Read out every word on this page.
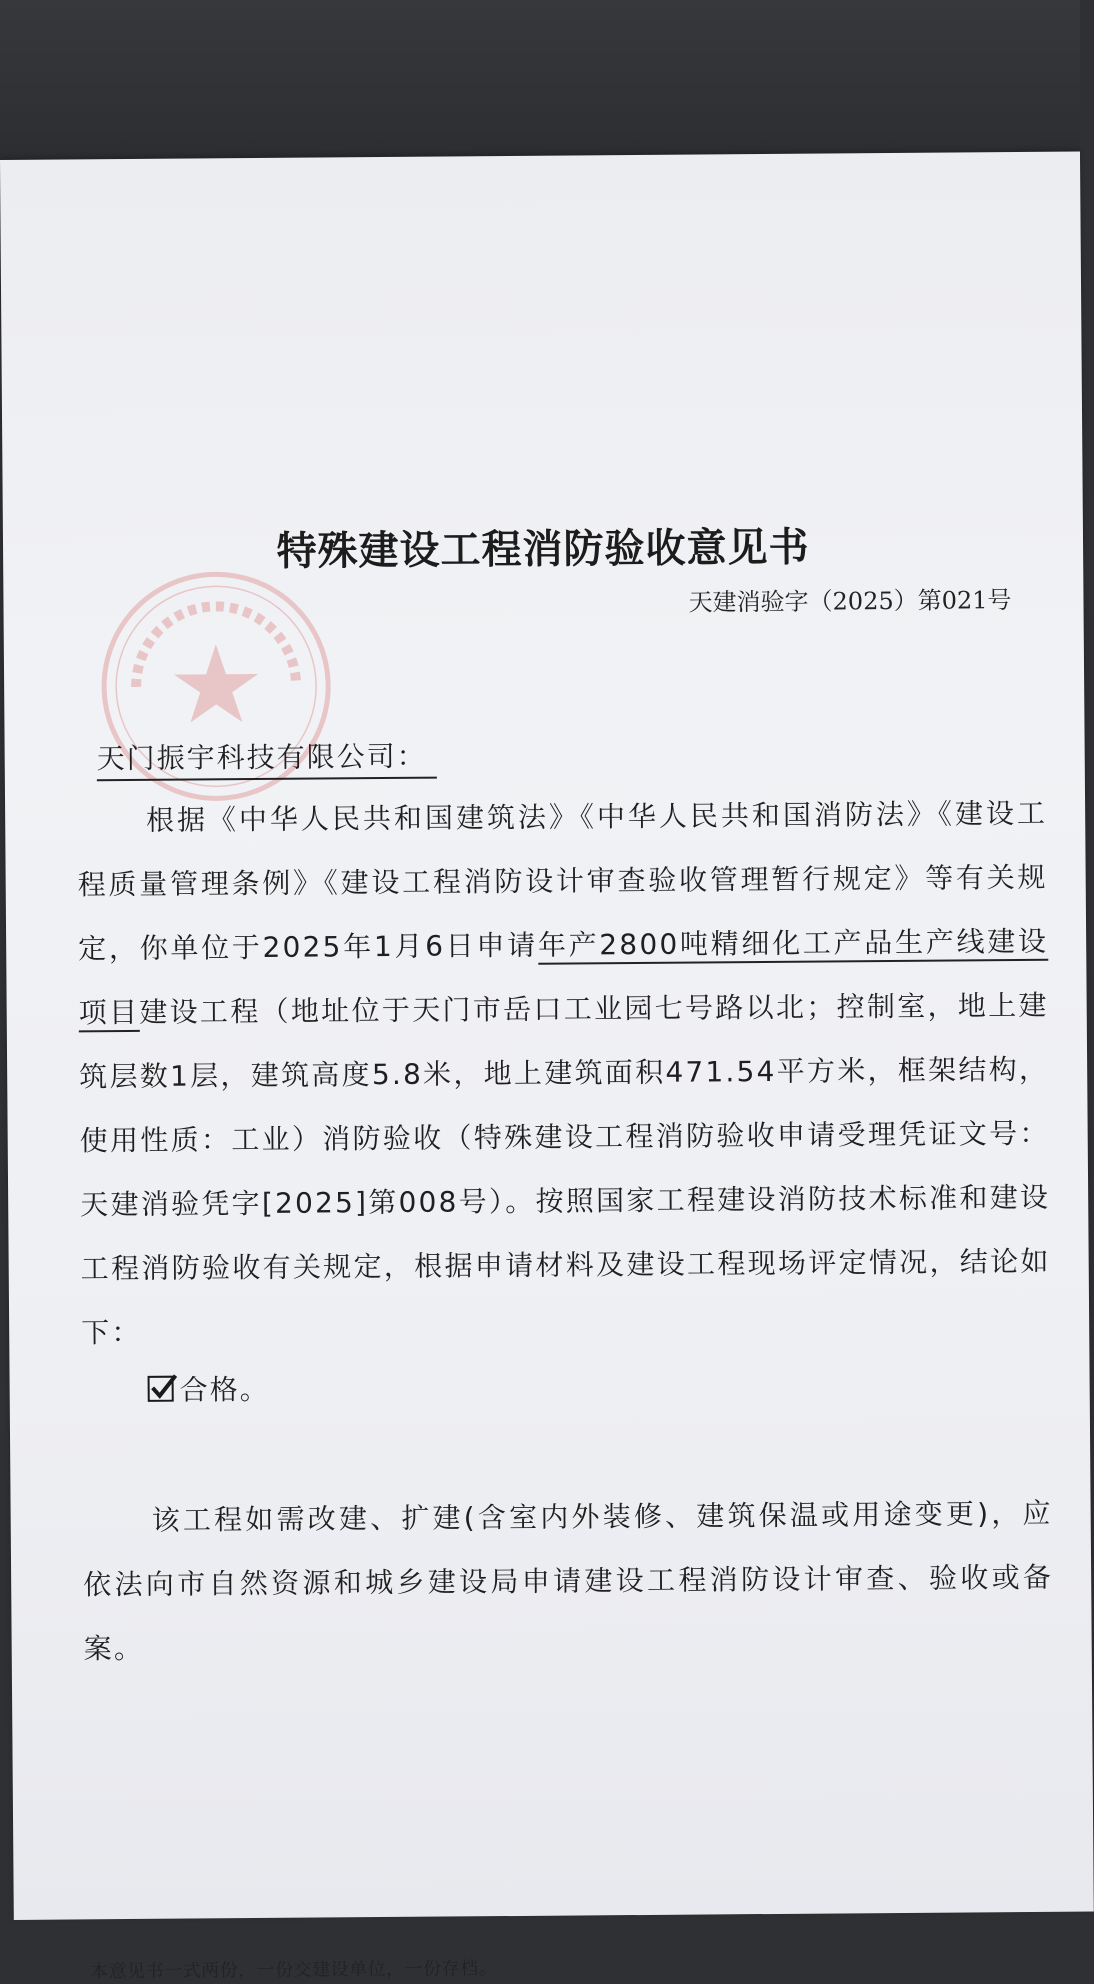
特殊建设工程消防验收意见书
天建消验字（2025）第021号
天门振宇科技有限公司：

根据《中华人民共和国建筑法》《中华人民共和国消防法》《建设工程质量管理条例》《建设工程消防设计审查验收管理暂行规定》等有关规定，你单位于2025年1月6日申请年产2800吨精细化工产品生产线建设项目建设工程（地址位于天门市岳口工业园七号路以北；控制室，地上建筑层数1层，建筑高度5.8米，地上建筑面积471.54平方米，框架结构，使用性质：工业）消防验收（特殊建设工程消防验收申请受理凭证文号：天建消验凭字[2025]第008号）。按照国家工程建设消防技术标准和建设工程消防验收有关规定，根据申请材料及建设工程现场评定情况，结论如下：

合格。

该工程如需改建、扩建(含室内外装修、建筑保温或用途变更)，应依法向市自然资源和城乡建设局申请建设工程消防设计审查、验收或备案。

本意见书一式两份，一份交建设单位，一份存档。
